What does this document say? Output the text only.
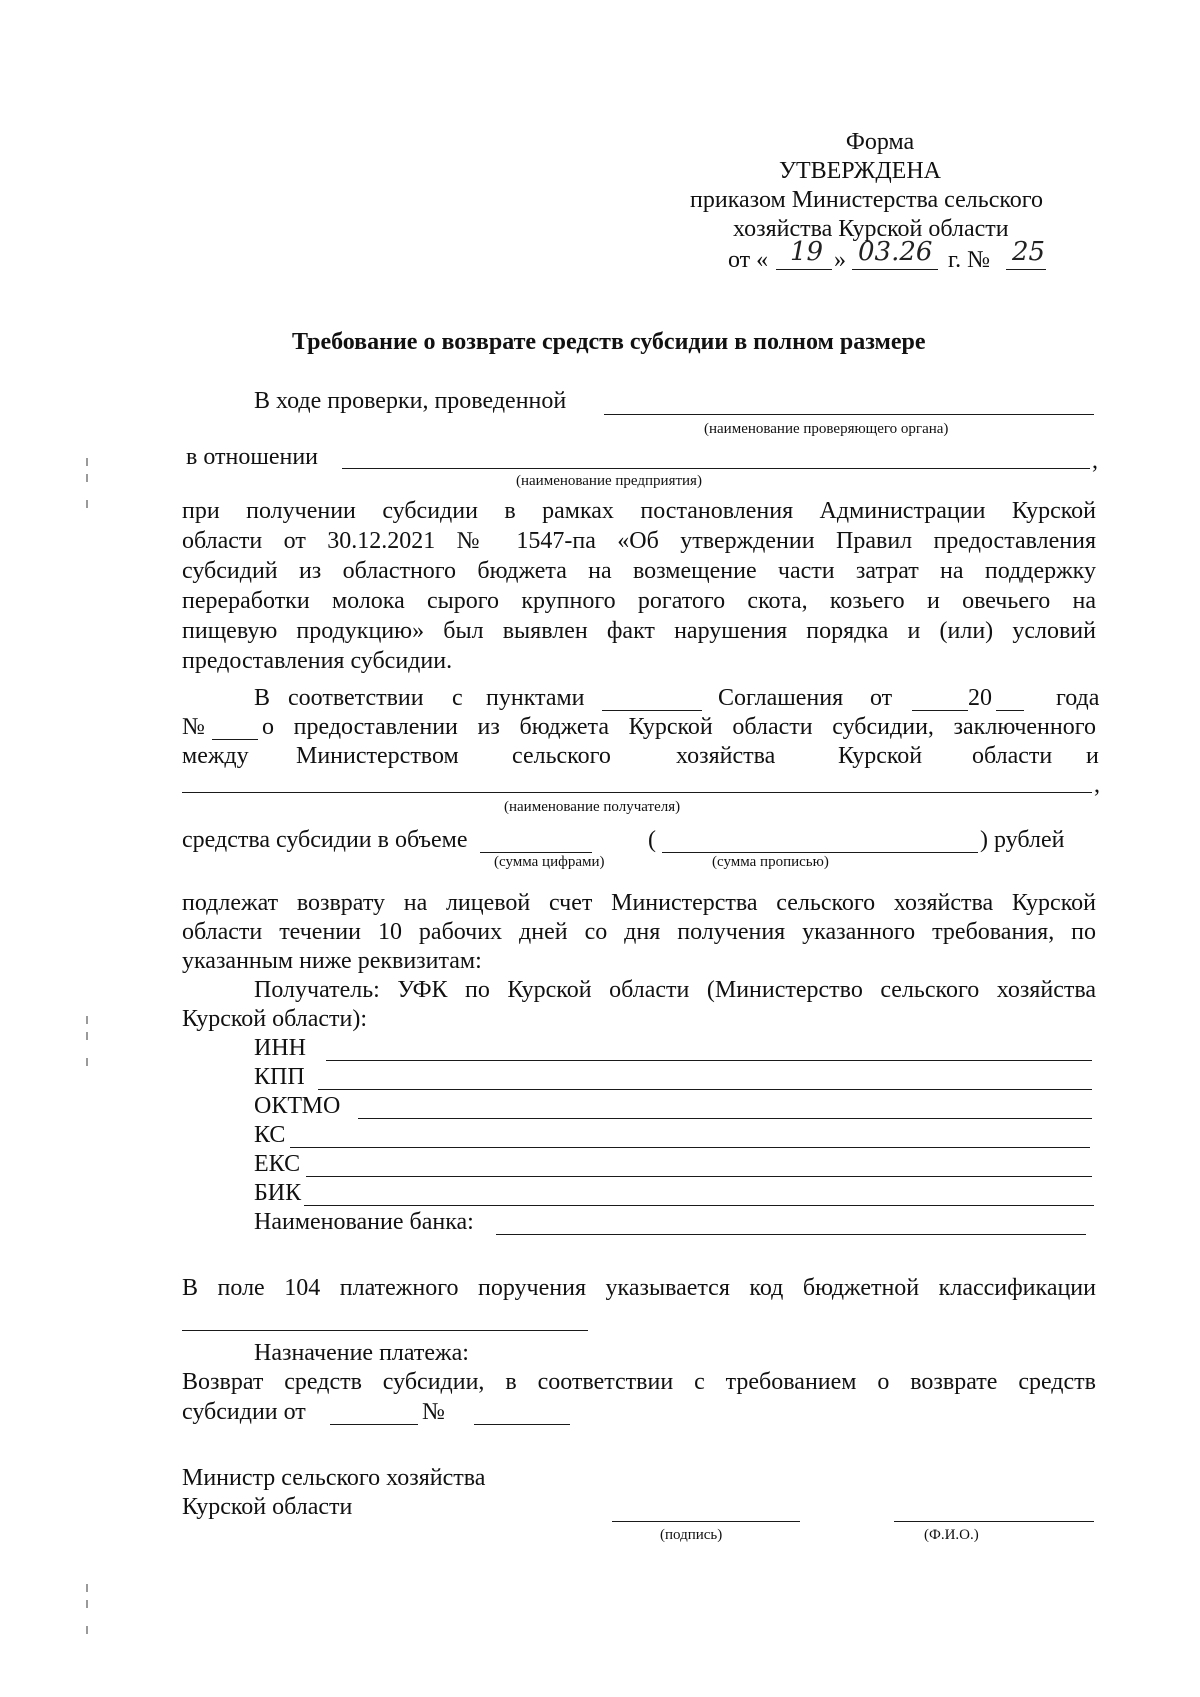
Форма
УТВЕРЖДЕНА
приказом Министерства сельского
хозяйства Курской области
от « 19 » 03.26 г. № 25
Требование о возврате средств субсидии в полном размере
В ходе проверки, проведенной
(наименование проверяющего органа)
в отношении	,
(наименование предприятия)
при получении субсидии в рамках постановления Администрации Курской
области от 30.12.2021 № 1547-па «Об утверждении Правил предоставления
субсидий из областного бюджета на возмещение части затрат на поддержку
переработки молока сырого крупного рогатого скота, козьего и овечьего на
пищевую продукцию» был выявлен факт нарушения порядка и (или) условий
предоставления субсидии.
В соответствии с пунктами	Соглашения от	20	года
№ о предоставлении из бюджета Курской области субсидии, заключенного
между Министерством сельского	хозяйства	Курской области и
,
(наименование получателя)
средства субсидии в объеме	(	) рублей
(сумма цифрами)	(сумма прописью)
подлежат возврату на лицевой счет Министерства сельского хозяйства Курской
области течении 10 рабочих дней со дня получения указанного требования, по
указанным ниже реквизитам:
Получатель: УФК по Курской области (Министерство сельского хозяйства
Курской области):
ИНН
КПП
ОКТМО
КС
ЕКС
БИК
Наименование банка:
В поле 104 платежного поручения указывается код бюджетной классификации
Назначение платежа:
Возврат средств субсидии, в соответствии с требованием о возврате средств
субсидии от	№
Министр сельского хозяйства
Курской области
(подпись)	(Ф.И.О.)
